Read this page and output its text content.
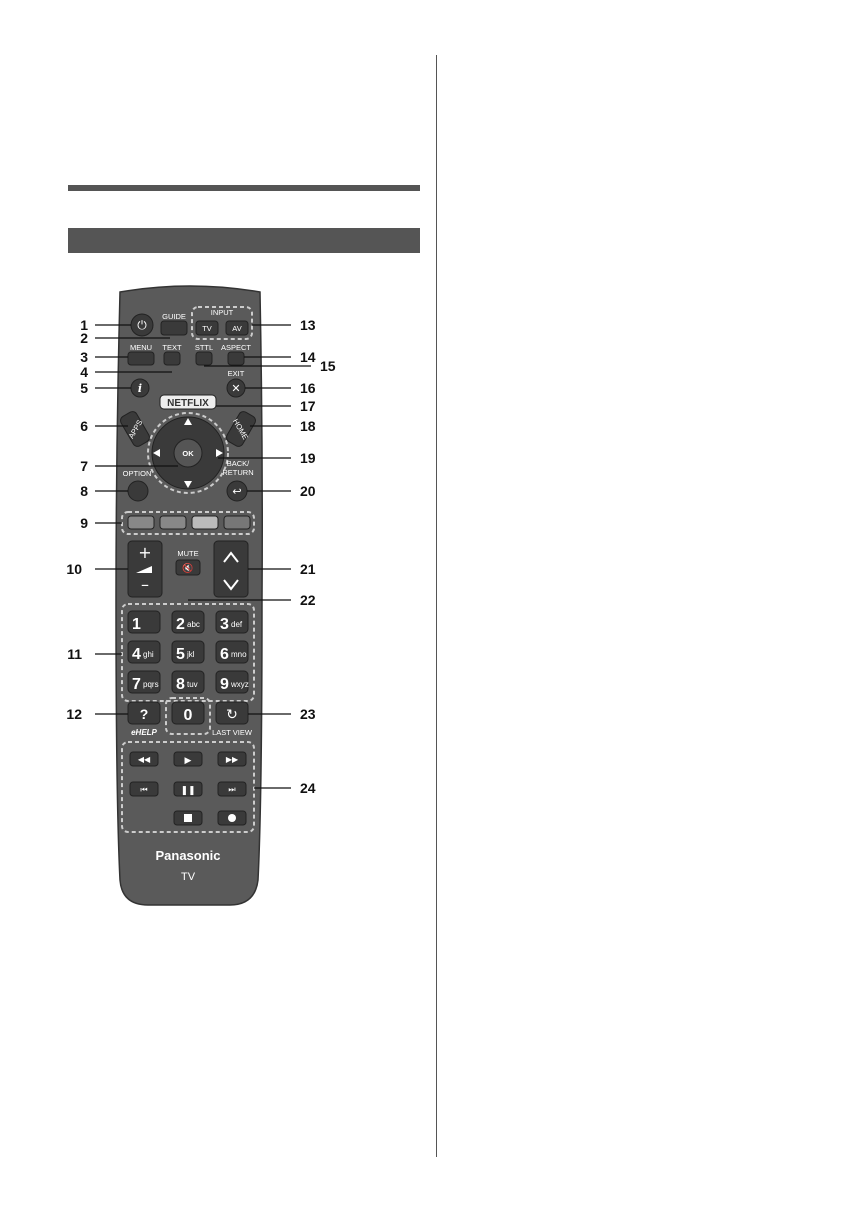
⏻
GUIDE	INPUT
TV	AV
MENU TEXT STTL ASPECT
i
EXIT
✕
NETFLIX
APPS	HOME
OK
OPTION
BACK/
RETURN
↩
+
–
MUTE
🔇
1 2 abc 3 def
4 ghi 5 jkl 6 mno
7 pqrs 8 tuv 9 wxyz
?
eHELP
0 ↻
LAST VIEW
◀◀	▶	▶▶
⏮	❚❚	⏭
Panasonic
TV
1
2
3
4
5
6
7
8
9
10
11
12
13
14
15
16
17
18
19
20
21
22
23
24
